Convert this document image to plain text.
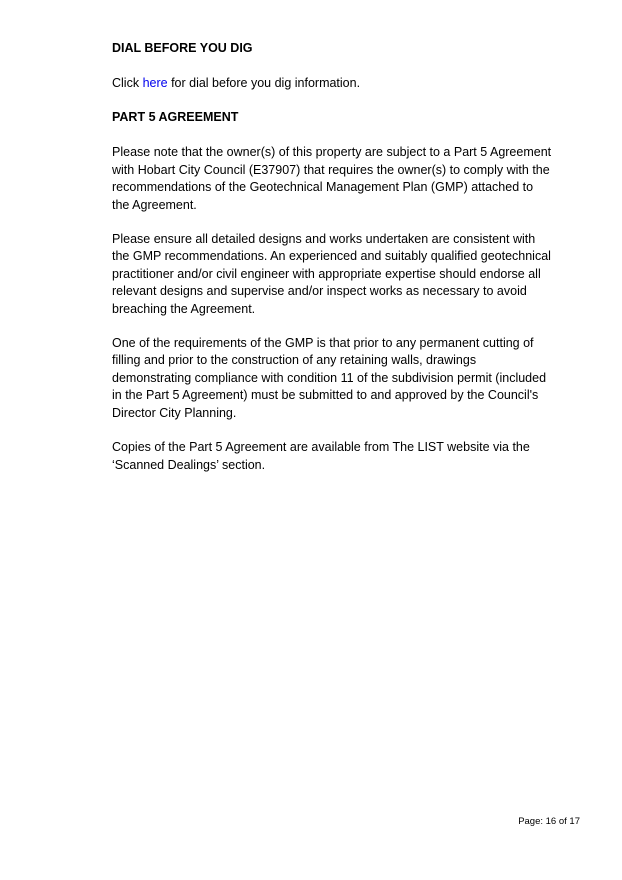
DIAL BEFORE YOU DIG

Click here for dial before you dig information.

PART 5 AGREEMENT

Please note that the owner(s) of this property are subject to a Part 5 Agreement with Hobart City Council (E37907) that requires the owner(s) to comply with the recommendations of the Geotechnical Management Plan (GMP) attached to the Agreement.

Please ensure all detailed designs and works undertaken are consistent with the GMP recommendations. An experienced and suitably qualified geotechnical practitioner and/or civil engineer with appropriate expertise should endorse all relevant designs and supervise and/or inspect works as necessary to avoid breaching the Agreement.

One of the requirements of the GMP is that prior to any permanent cutting of filling and prior to the construction of any retaining walls, drawings demonstrating compliance with condition 11 of the subdivision permit (included in the Part 5 Agreement) must be submitted to and approved by the Council's Director City Planning.

Copies of the Part 5 Agreement are available from The LIST website via the ‘Scanned Dealings’ section.

Page: 16 of 17
